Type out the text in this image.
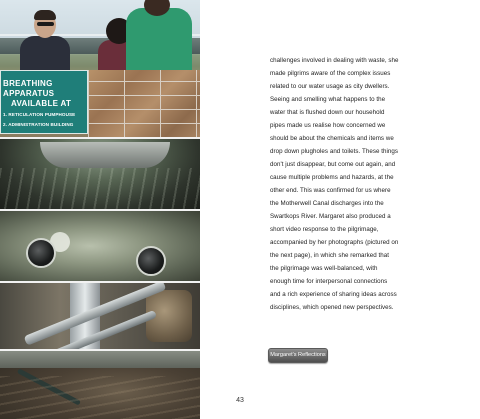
BREATHING APPARATUS
AVAILABLE AT
1. RETICULATION PUMPHOUSE
2. ADMINISTRATION BUILDING
challenges involved in dealing with waste, she
made pilgrims aware of the complex issues
related to our water usage as city dwellers.
Seeing and smelling what happens to the
water that is flushed down our household
pipes made us realise how concerned we
should be about the chemicals and items we
drop down plugholes and toilets. These things
don't just disappear, but come out again, and
cause multiple problems and hazards, at the
other end. This was confirmed for us where
the Motherwell Canal discharges into the
Swartkops River. Margaret also produced a
short video response to the pilgrimage,
accompanied by her photographs (pictured on
the next page), in which she remarked that
the pilgrimage was well-balanced, with
enough time for interpersonal connections
and a rich experience of sharing ideas across
disciplines, which opened new perspectives.
Margaret's Reflections
43
